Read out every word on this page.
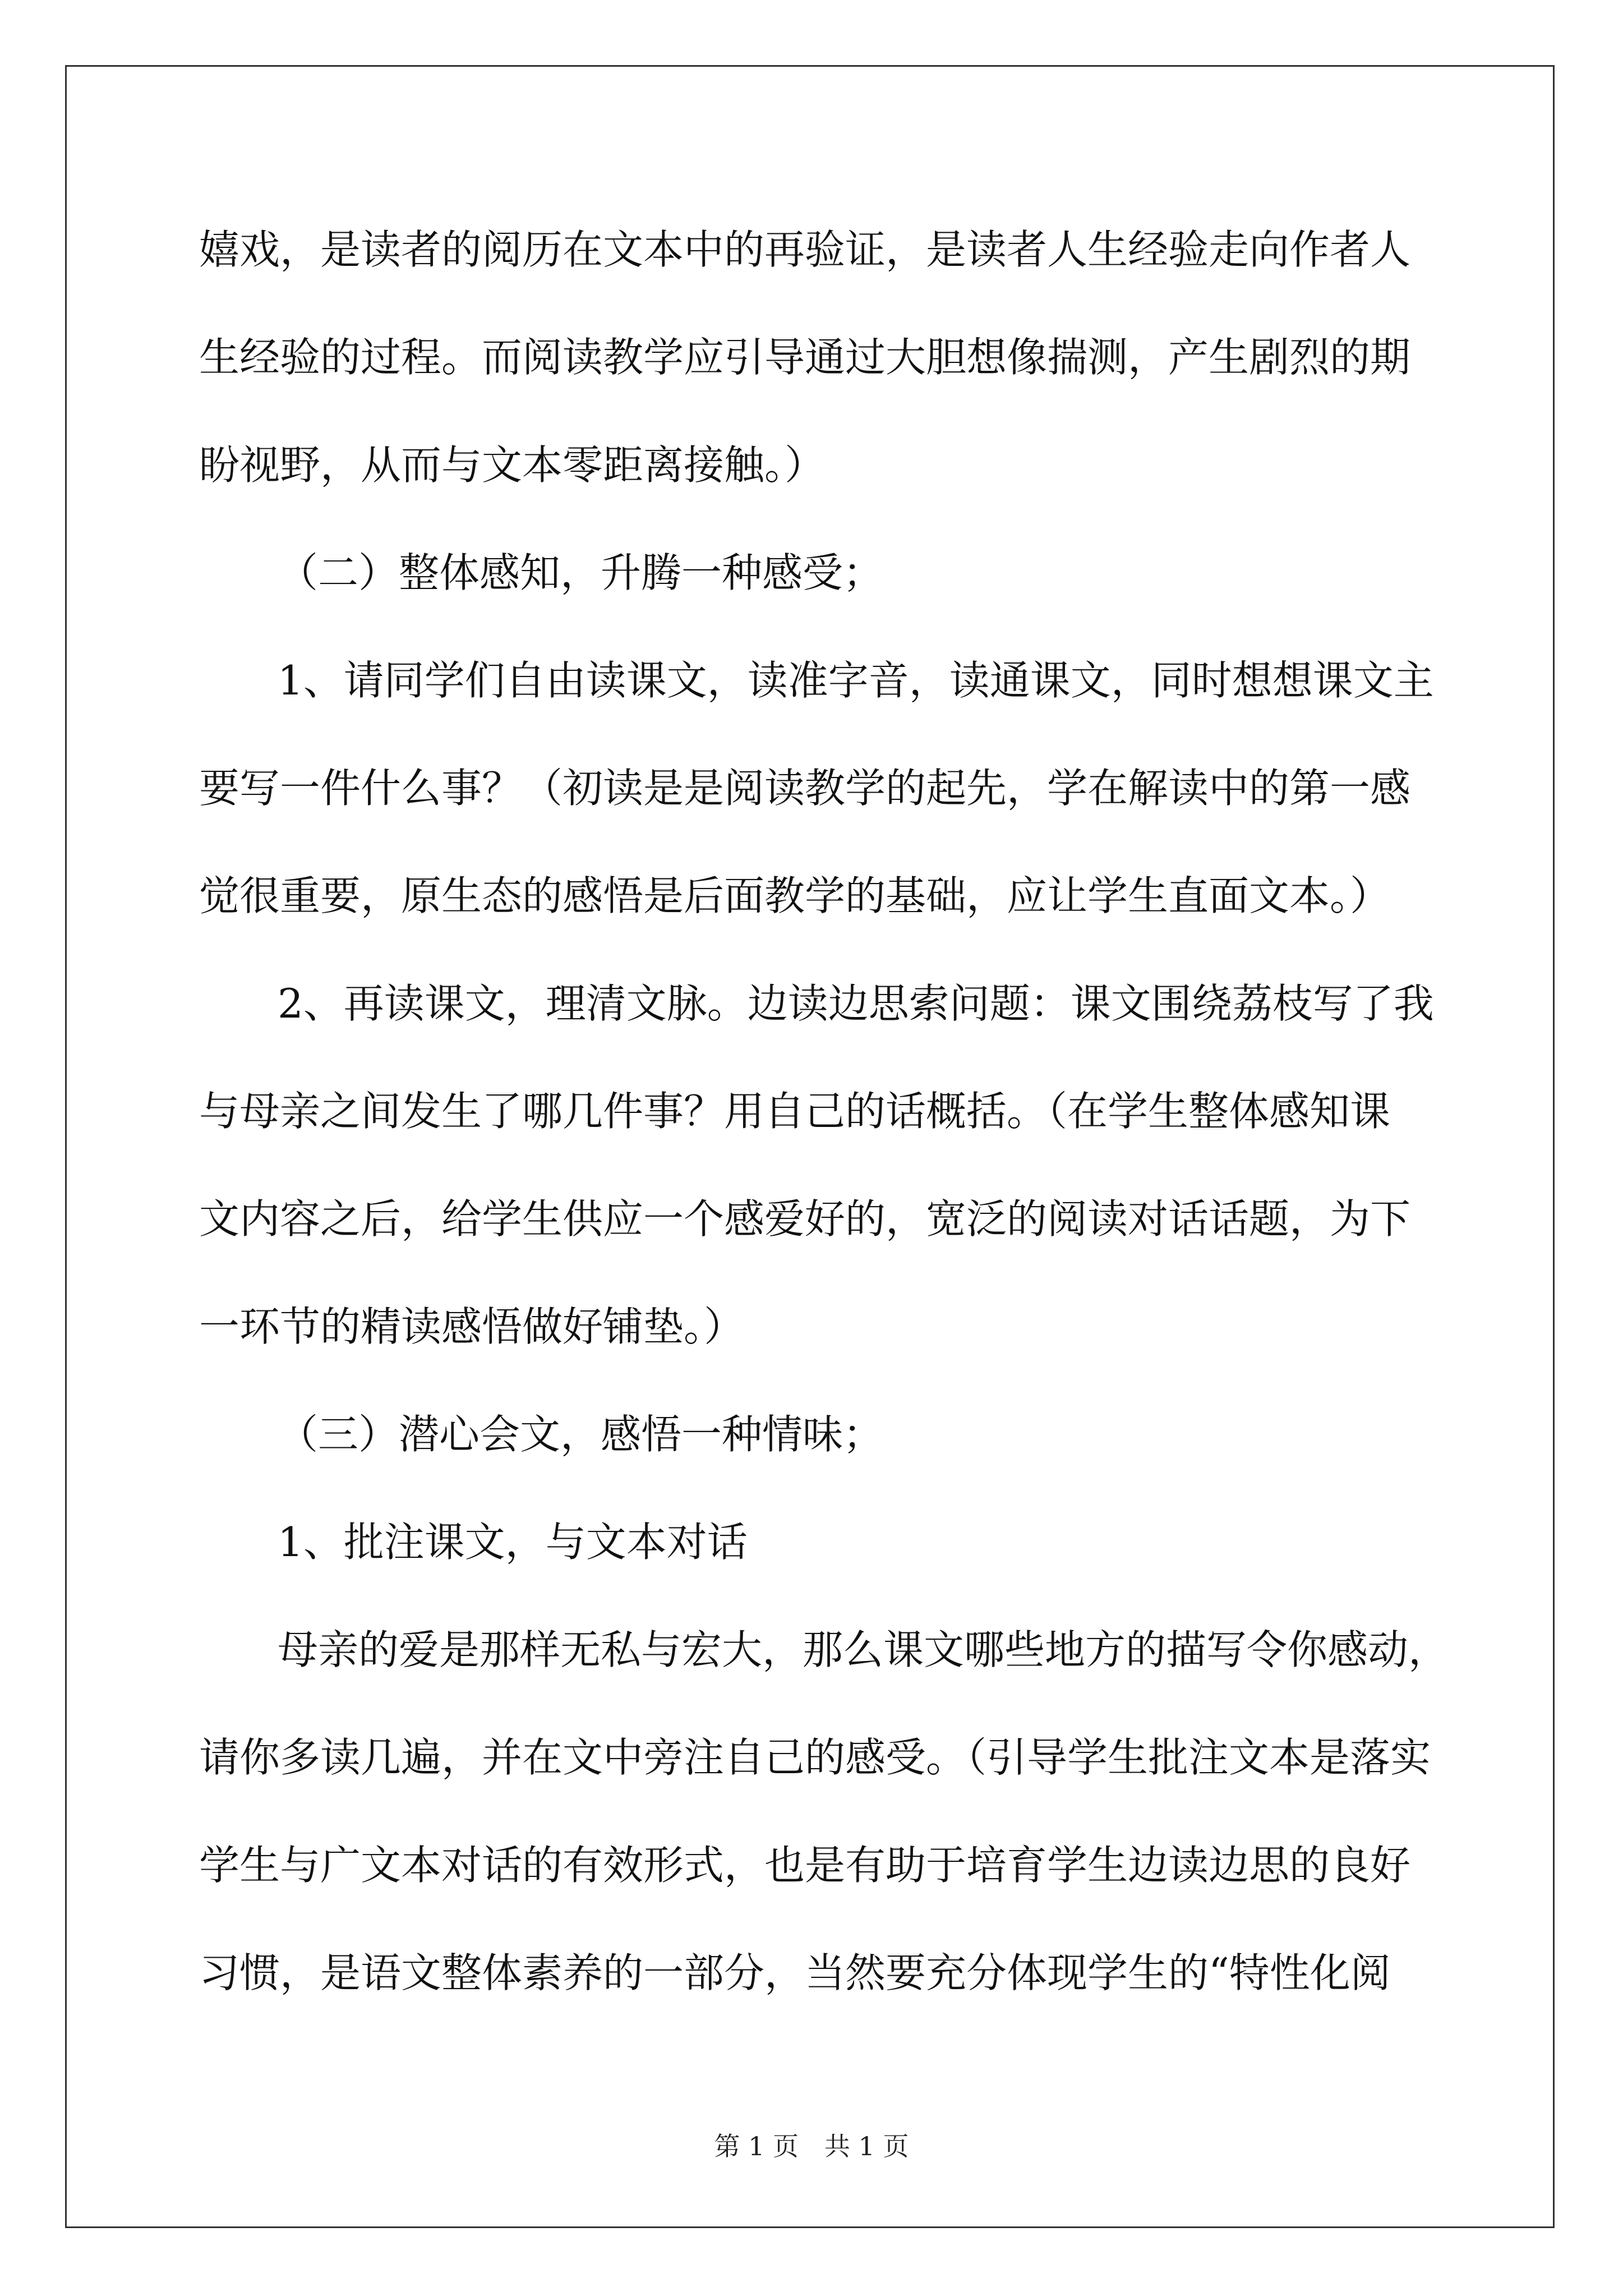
嬉戏，是读者的阅历在文本中的再验证，是读者人生经验走向作者人
生经验的过程。而阅读教学应引导通过大胆想像揣测，产生剧烈的期
盼视野，从而与文本零距离接触。）
（二）整体感知，升腾一种感受；
1、请同学们自由读课文，读准字音，读通课文，同时想想课文主
要写一件什么事？（初读是是阅读教学的起先，学在解读中的第一感
觉很重要，原生态的感悟是后面教学的基础，应让学生直面文本。）
2、再读课文，理清文脉。边读边思索问题：课文围绕荔枝写了我
与母亲之间发生了哪几件事？用自己的话概括。（在学生整体感知课
文内容之后，给学生供应一个感爱好的，宽泛的阅读对话话题，为下
一环节的精读感悟做好铺垫。）
（三）潜心会文，感悟一种情味；
1、批注课文，与文本对话
母亲的爱是那样无私与宏大，那么课文哪些地方的描写令你感动，
请你多读几遍，并在文中旁注自己的感受。（引导学生批注文本是落实
学生与广文本对话的有效形式，也是有助于培育学生边读边思的良好
习惯，是语文整体素养的一部分，当然要充分体现学生的“特性化阅
第 1 页　共 1 页
